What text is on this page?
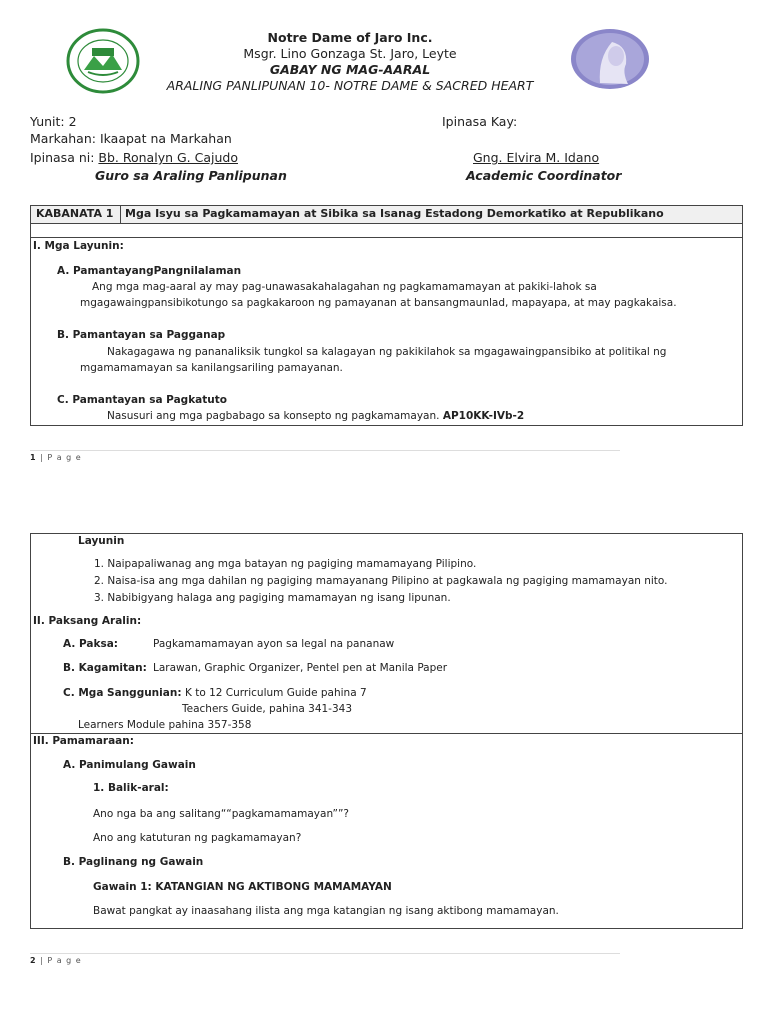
Notre Dame of Jaro Inc.
Msgr. Lino Gonzaga St. Jaro, Leyte
GABAY NG MAG-AARAL
ARALING PANLIPUNAN 10- NOTRE DAME & SACRED HEART
Yunit: 2
Markahan: Ikaapat na Markahan
Ipinasa ni: Bb. Ronalyn G. Cajudo
Guro sa Araling Panlipunan
Ipinasa Kay:
Gng. Elvira M. Idano
Academic Coordinator
KABANATA 1 Mga Isyu sa Pagkamamayan at Sibika sa Isanag Estadong Demorkatiko at Republikano
I. Mga Layunin:
A. PamantayangPangnilalaman
Ang mga mag-aaral ay may pag-unawasakahalagahan ng pagkamamamayan at pakiki-lahok sa
mgagawaingpansibikotungo sa pagkakaroon ng pamayanan at bansangmaunlad, mapayapa, at may pagkakaisa.
B. Pamantayan sa Pagganap
Nakagagawa ng pananaliksik tungkol sa kalagayan ng pakikilahok sa mgagawaingpansibiko at politikal ng
mgamamamayan sa kanilangsariling pamayanan.
C. Pamantayan sa Pagkatuto
Nasusuri ang mga pagbabago sa konsepto ng pagkamamayan. AP10KK-IVb-2
1 | P a g e
Layunin
1. Naipapaliwanag ang mga batayan ng pagiging mamamayang Pilipino.
2. Naisa-isa ang mga dahilan ng pagiging mamayanang Pilipino at pagkawala ng pagiging mamamayan nito.
3. Nabibigyang halaga ang pagiging mamamayan ng isang lipunan.
II. Paksang Aralin:
A. Paksa:	Pagkamamamayan ayon sa legal na pananaw
B. Kagamitan: Larawan, Graphic Organizer, Pentel pen at Manila Paper
C. Mga Sanggunian: K to 12 Curriculum Guide pahina 7
Teachers Guide, pahina 341-343
Learners Module pahina 357-358
III. Pamamaraan:
A. Panimulang Gawain
1. Balik-aral:
Ano nga ba ang salitang““pagkamamamayan””?
Ano ang katuturan ng pagkamamayan?
B. Paglinang ng Gawain
Gawain 1: KATANGIAN NG AKTIBONG MAMAMAYAN
Bawat pangkat ay inaasahang ilista ang mga katangian ng isang aktibong mamamayan.
2 | P a g e
